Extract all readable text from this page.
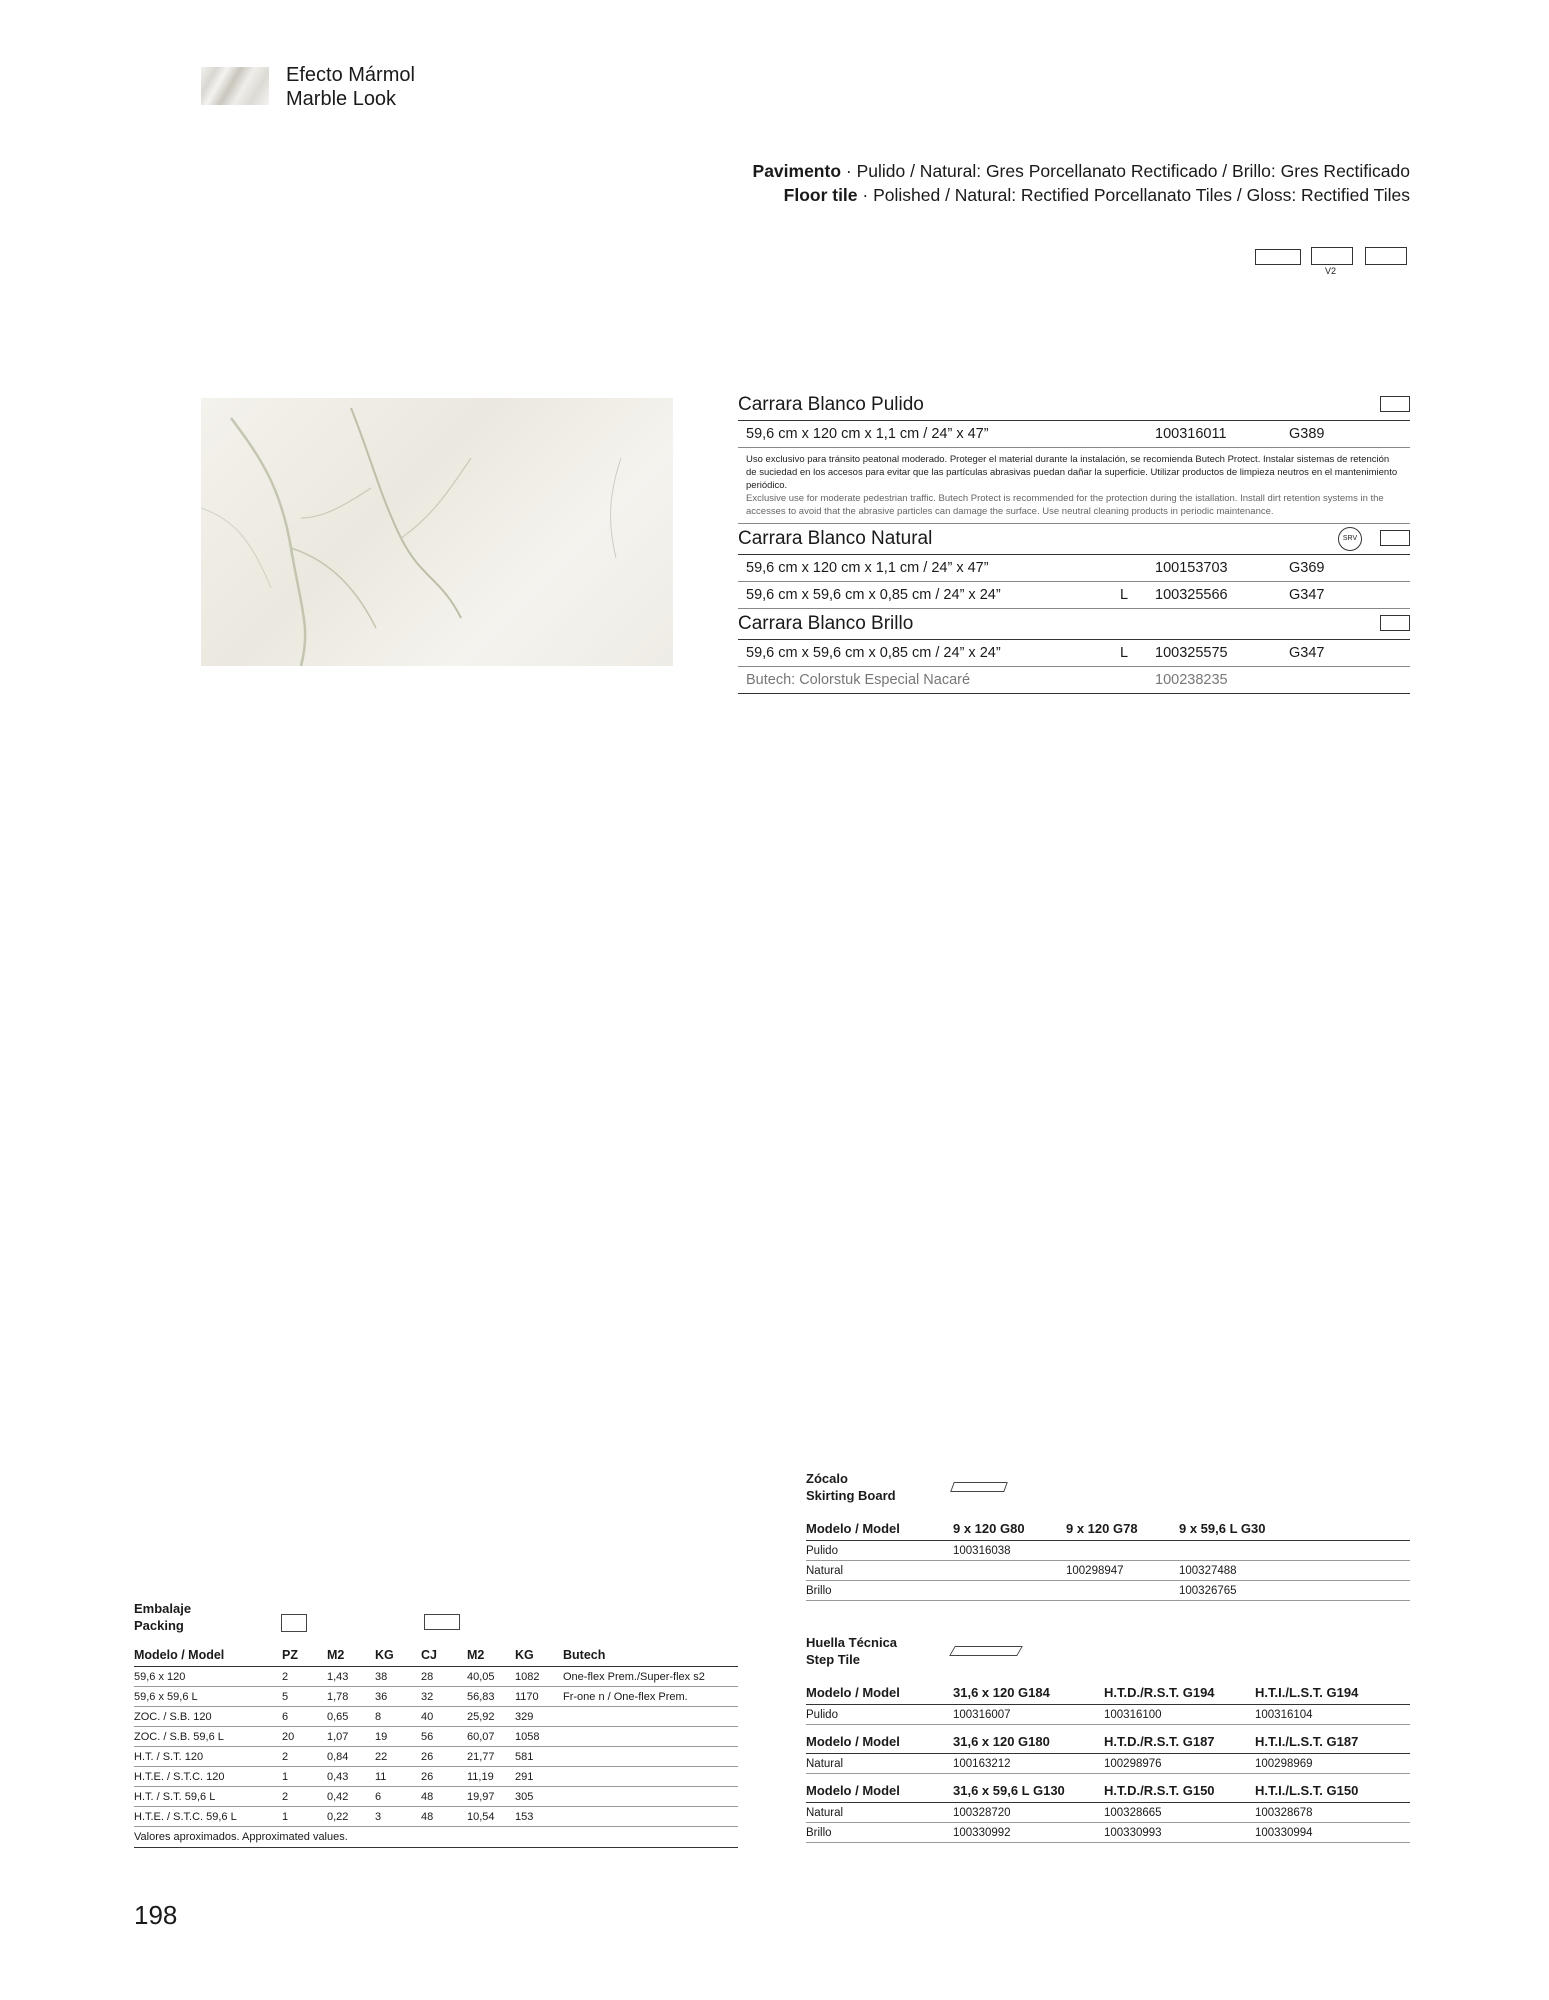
Efecto Mármol
Marble Look
Pavimento · Pulido / Natural: Gres Porcellanato Rectificado / Brillo: Gres Rectificado
Floor tile · Polished / Natural: Rectified Porcellanato Tiles / Gloss: Rectified Tiles
V2
Carrara Blanco Pulido
59,6 cm x 120 cm x 1,1 cm / 24” x 47”	100316011	G389
Uso exclusivo para tránsito peatonal moderado. Proteger el material durante la instalación, se recomienda Butech Protect. Instalar sistemas de retención de suciedad en los accesos para evitar que las partículas abrasivas puedan dañar la superficie. Utilizar productos de limpieza neutros en el mantenimiento periódico.
Exclusive use for moderate pedestrian traffic. Butech Protect is recommended for the protection during the istallation. Install dirt retention systems in the accesses to avoid that the abrasive particles can damage the surface. Use neutral cleaning products in periodic maintenance.
Carrara Blanco Natural	SRV
59,6 cm x 120 cm x 1,1 cm / 24” x 47”	100153703	G369
59,6 cm x 59,6 cm x 0,85 cm / 24” x 24”	L 100325566	G347
Carrara Blanco Brillo
59,6 cm x 59,6 cm x 0,85 cm / 24” x 24”	L 100325575	G347
Butech: Colorstuk Especial Nacaré	100238235
Zócalo
Skirting Board
Modelo / Model	9 x 120 G80	9 x 120 G78	9 x 59,6 L G30
Pulido	100316038		
Natural		100298947	100327488
Brillo			100326765
Huella Técnica
Step Tile
Modelo / Model	31,6 x 120 G184	H.T.D./R.S.T. G194	H.T.I./L.S.T. G194
Pulido	100316007	100316100	100316104
Modelo / Model	31,6 x 120 G180	H.T.D./R.S.T. G187	H.T.I./L.S.T. G187
Natural	100163212	100298976	100298969
Modelo / Model	31,6 x 59,6 L G130	H.T.D./R.S.T. G150	H.T.I./L.S.T. G150
Natural	100328720	100328665	100328678
Brillo	100330992	100330993	100330994
Embalaje
Packing
Modelo / Model	PZ	M2	KG	CJ	M2	KG	Butech
59,6 x 120	2	1,43	38	28	40,05	1082	One-flex Prem./Super-flex s2
59,6 x 59,6 L	5	1,78	36	32	56,83	1170	Fr-one n / One-flex Prem.
ZOC. / S.B. 120	6	0,65	8	40	25,92	329	
ZOC. / S.B. 59,6 L	20	1,07	19	56	60,07	1058	
H.T. / S.T. 120	2	0,84	22	26	21,77	581	
H.T.E. / S.T.C. 120	1	0,43	11	26	11,19	291	
H.T. / S.T. 59,6 L	2	0,42	6	48	19,97	305	
H.T.E. / S.T.C. 59,6 L	1	0,22	3	48	10,54	153	
Valores aproximados. Approximated values.
198
